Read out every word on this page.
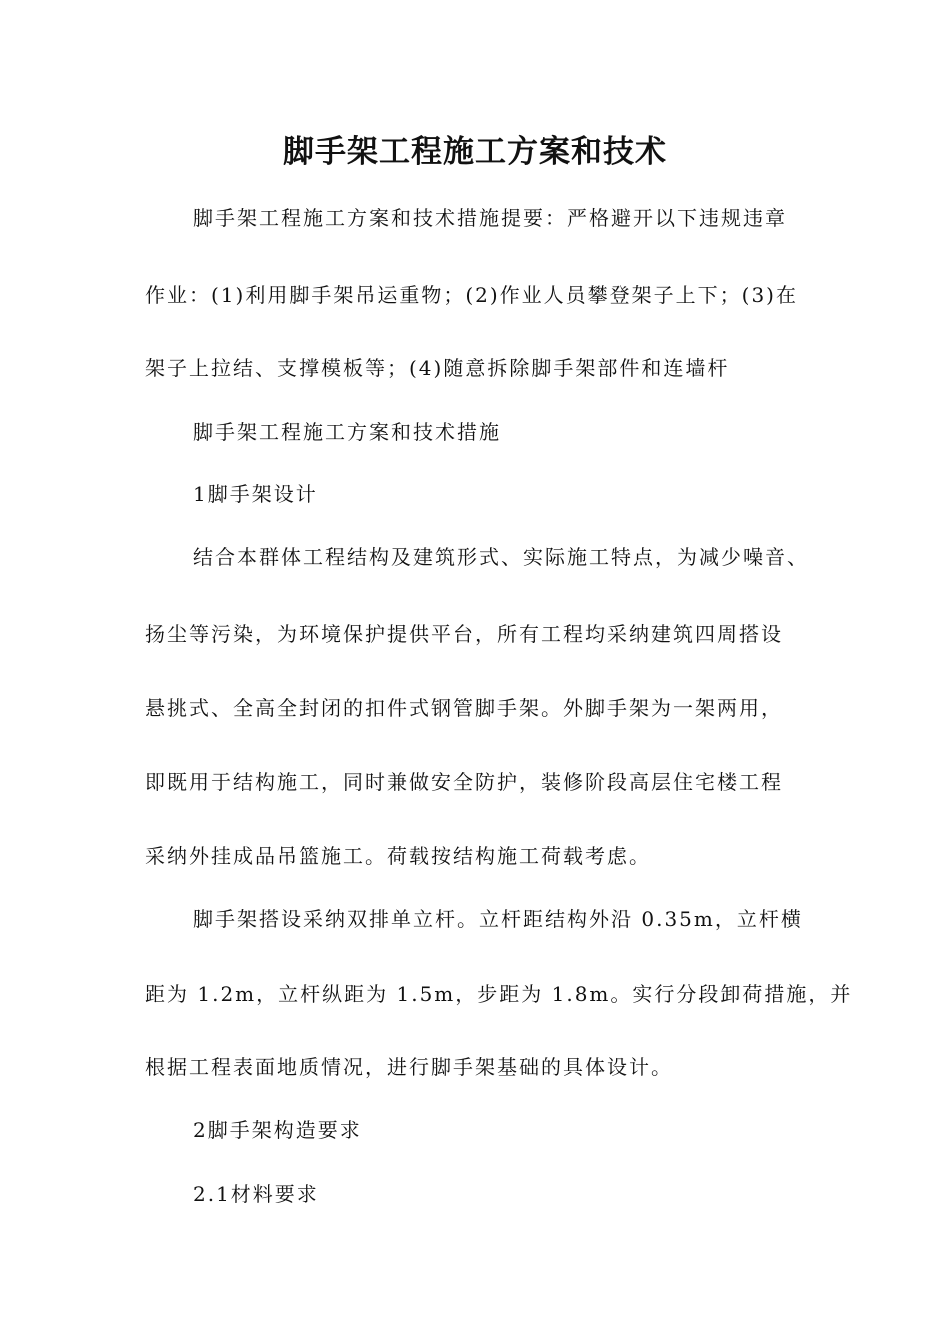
脚手架工程施工方案和技术

脚手架工程施工方案和技术措施提要：严格避开以下违规违章

作业：(1)利用脚手架吊运重物；(2)作业人员攀登架子上下；(3)在

架子上拉结、支撑模板等；(4)随意拆除脚手架部件和连墙杆

脚手架工程施工方案和技术措施

1脚手架设计

结合本群体工程结构及建筑形式、实际施工特点，为减少噪音、

扬尘等污染，为环境保护提供平台，所有工程均采纳建筑四周搭设

悬挑式、全高全封闭的扣件式钢管脚手架。外脚手架为一架两用，

即既用于结构施工，同时兼做安全防护，装修阶段高层住宅楼工程

采纳外挂成品吊篮施工。荷载按结构施工荷载考虑。

脚手架搭设采纳双排单立杆。立杆距结构外沿 0.35m，立杆横

距为 1.2m，立杆纵距为 1.5m，步距为 1.8m。实行分段卸荷措施，并

根据工程表面地质情况，进行脚手架基础的具体设计。

2脚手架构造要求

2.1材料要求
